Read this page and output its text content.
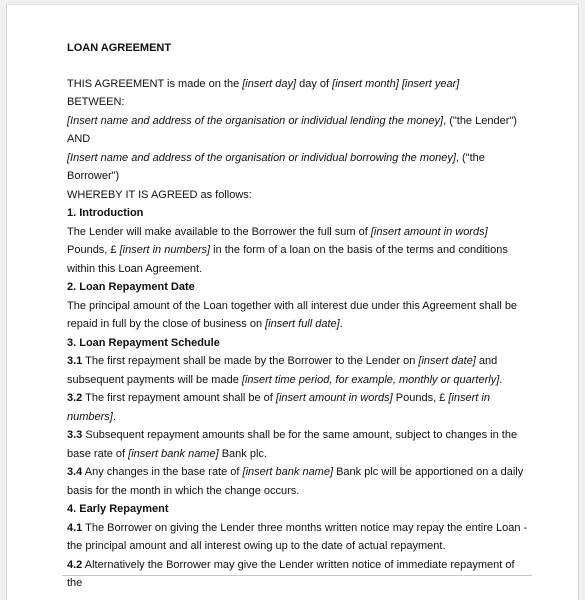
LOAN AGREEMENT
THIS AGREEMENT is made on the [insert day] day of [insert month] [insert year]
BETWEEN:
[Insert name and address of the organisation or individual lending the money], ("the Lender")
AND
[Insert name and address of the organisation or individual borrowing the money], ("the Borrower")
WHEREBY IT IS AGREED as follows:
1. Introduction
The Lender will make available to the Borrower the full sum of [insert amount in words] Pounds, £ [insert in numbers] in the form of a loan on the basis of the terms and conditions within this Loan Agreement.
2. Loan Repayment Date
The principal amount of the Loan together with all interest due under this Agreement shall be repaid in full by the close of business on [insert full date].
3. Loan Repayment Schedule
3.1 The first repayment shall be made by the Borrower to the Lender on [insert date] and subsequent payments will be made [insert time period, for example, monthly or quarterly].
3.2 The first repayment amount shall be of [insert amount in words] Pounds, £ [insert in numbers].
3.3 Subsequent repayment amounts shall be for the same amount, subject to changes in the base rate of [insert bank name] Bank plc.
3.4 Any changes in the base rate of [insert bank name] Bank plc will be apportioned on a daily basis for the month in which the change occurs.
4. Early Repayment
4.1 The Borrower on giving the Lender three months written notice may repay the entire Loan - the principal amount and all interest owing up to the date of actual repayment.
4.2 Alternatively the Borrower may give the Lender written notice of immediate repayment of the
